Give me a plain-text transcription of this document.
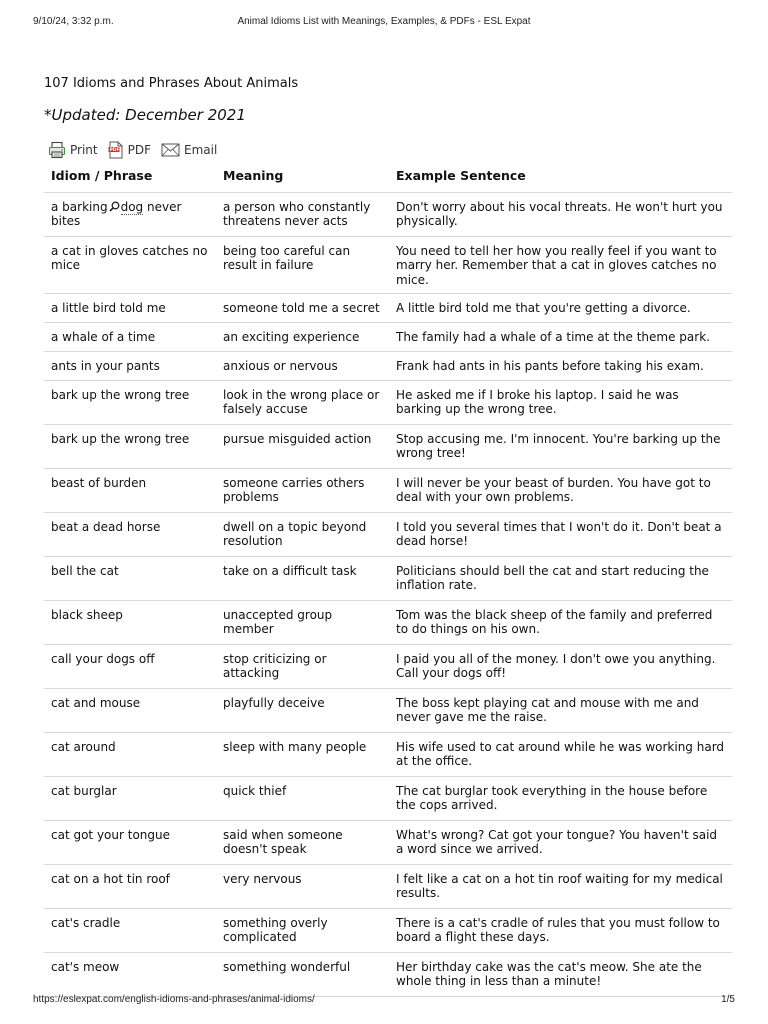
9/10/24, 3:32 p.m.	Animal Idioms List with Meanings, Examples, & PDFs - ESL Expat
107 Idioms and Phrases About Animals
*Updated: December 2021
Print	PDF PDF	Email
Idiom / Phrase	Meaning	Example Sentence
a barking dog never bites	a person who constantly threatens never acts	Don't worry about his vocal threats. He won't hurt you physically.
a cat in gloves catches no mice	being too careful can result in failure	You need to tell her how you really feel if you want to marry her. Remember that a cat in gloves catches no mice.
a little bird told me	someone told me a secret	A little bird told me that you're getting a divorce.
a whale of a time	an exciting experience	The family had a whale of a time at the theme park.
ants in your pants	anxious or nervous	Frank had ants in his pants before taking his exam.
bark up the wrong tree	look in the wrong place or falsely accuse	He asked me if I broke his laptop. I said he was barking up the wrong tree.
bark up the wrong tree	pursue misguided action	Stop accusing me. I'm innocent. You're barking up the wrong tree!
beast of burden	someone carries others problems	I will never be your beast of burden. You have got to deal with your own problems.
beat a dead horse	dwell on a topic beyond resolution	I told you several times that I won't do it. Don't beat a dead horse!
bell the cat	take on a difficult task	Politicians should bell the cat and start reducing the inflation rate.
black sheep	unaccepted group member	Tom was the black sheep of the family and preferred to do things on his own.
call your dogs off	stop criticizing or attacking	I paid you all of the money. I don't owe you anything. Call your dogs off!
cat and mouse	playfully deceive	The boss kept playing cat and mouse with me and never gave me the raise.
cat around	sleep with many people	His wife used to cat around while he was working hard at the office.
cat burglar	quick thief	The cat burglar took everything in the house before the cops arrived.
cat got your tongue	said when someone doesn't speak	What's wrong? Cat got your tongue? You haven't said a word since we arrived.
cat on a hot tin roof	very nervous	I felt like a cat on a hot tin roof waiting for my medical results.
cat's cradle	something overly complicated	There is a cat's cradle of rules that you must follow to board a flight these days.
cat's meow	something wonderful	Her birthday cake was the cat's meow. She ate the whole thing in less than a minute!
https://eslexpat.com/english-idioms-and-phrases/animal-idioms/	1/5
